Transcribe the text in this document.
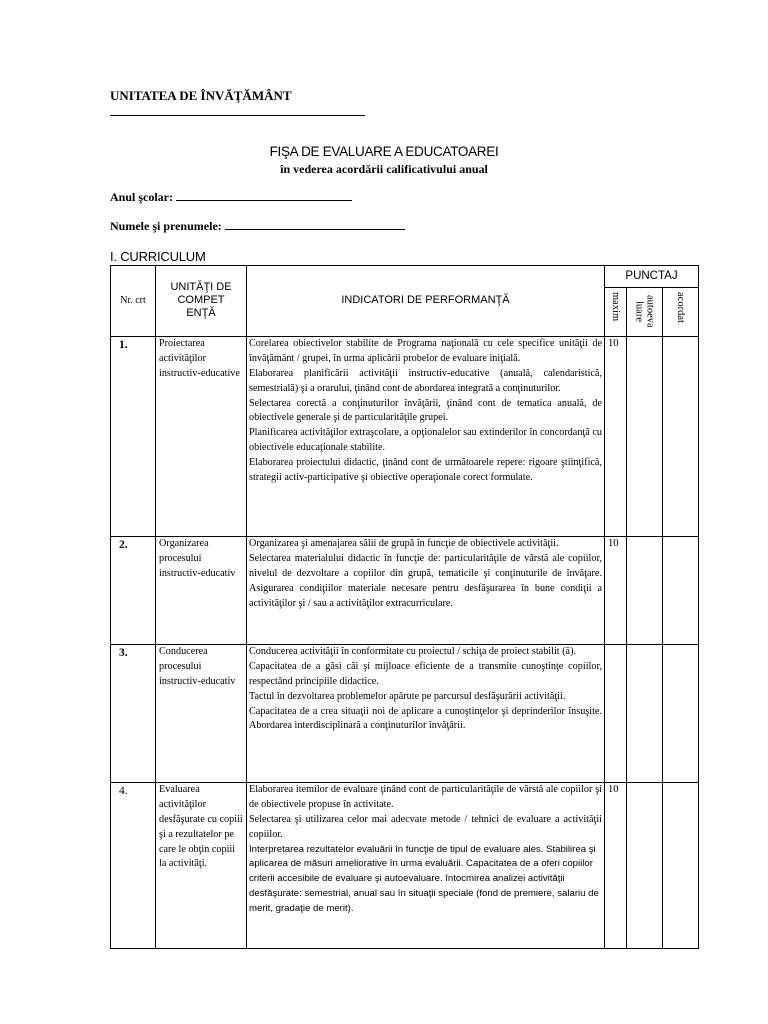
UNITATEA DE ÎNVĂŢĂMÂNT
FIŞA DE EVALUARE A EDUCATOAREI
în vederea acordării calificativului anual
Anul şcolar:
Numele şi prenumele:
I. CURRICULUM
Nr. crt	UNITĂŢI DE COMPET ENŢĂ	INDICATORI DE PERFORMANŢĂ	PUNCTAJ		
			maxim	autoeva luare	acordat
1.	Proiectarea activităţilor instructiv-educative	Corelarea obiectivelor stabilite de Programa naţională cu cele specifice unităţii de învăţământ / grupei, în urma aplicării probelor de evaluare iniţială.

Elaborarea planificării activităţii instructiv-educative (anuală, calendaristică, semestrială) şi a orarului, ţinând cont de abordarea integrată a conţinuturilor.

Selectarea corectă a conţinuturilor învăţării, ţinând cont de tematica anuală, de obiectivele generale şi de particularităţile grupei.

Planificarea activităţilor extraşcolare, a opţionalelor sau extinderilor în concordanţă cu obiectivele educaţionale stabilite.

Elaborarea proiectului didactic, ţinând cont de următoarele repere: rigoare ştiinţifică, strategii activ-participative şi obiective operaţionale corect formulate.	10		
2.	Organizarea procesului instructiv-educativ	Organizarea şi amenajarea sălii de grupă în funcţie de obiectivele activităţii.

Selectarea materialului didactic în funcţie de: particularităţile de vârstă ale copiilor, nivelul de dezvoltare a copiilor din grupă, tematicile şi conţinuturile de învăţare. Asigurarea condiţiilor materiale necesare pentru desfăşurarea în bune condiţii a activităţilor şi / sau a activităţilor extracurriculare.	10		
3.	Conducerea procesului instructiv-educativ	Conducerea activităţii în conformitate cu proiectul / schiţa de proiect stabilit (ă).

Capacitatea de a găsi căi şi mijloace eficiente de a transmite cunoştinţe copiilor, respectând principiile didactice.

Tactul în dezvoltarea problemelor apărute pe parcursul desfăşurării activităţii.

Capacitatea de a crea situaţii noi de aplicare a cunoştinţelor şi deprinderilor însuşite. Abordarea interdisciplinară a conţinuturilor învăţării.			

4.	Evaluarea activităţilor desfăşurate cu copiii şi a rezultatelor pe care le obţin copiii la activităţi.	Elaborarea itemilor de evaluare ţinând cont de particularităţile de vârstă ale copiilor şi de obiectivele propuse în activitate.

Selectarea şi utilizarea celor mai adecvate metode / tehnici de evaluare a activităţii copiilor.

Interpretarea rezultatelor evaluării în funcţie de tipul de evaluare ales. Stabilirea şi aplicarea de măsuri ameliorative în urma evaluării. Capacitatea de a oferi copiilor criterii accesibile de evaluare şi autoevaluare. întocmirea analizei activităţii desfăşurate: semestrial, anual sau în situaţii speciale (fond de premiere, salariu de merit, gradaţie de merit).	10		
